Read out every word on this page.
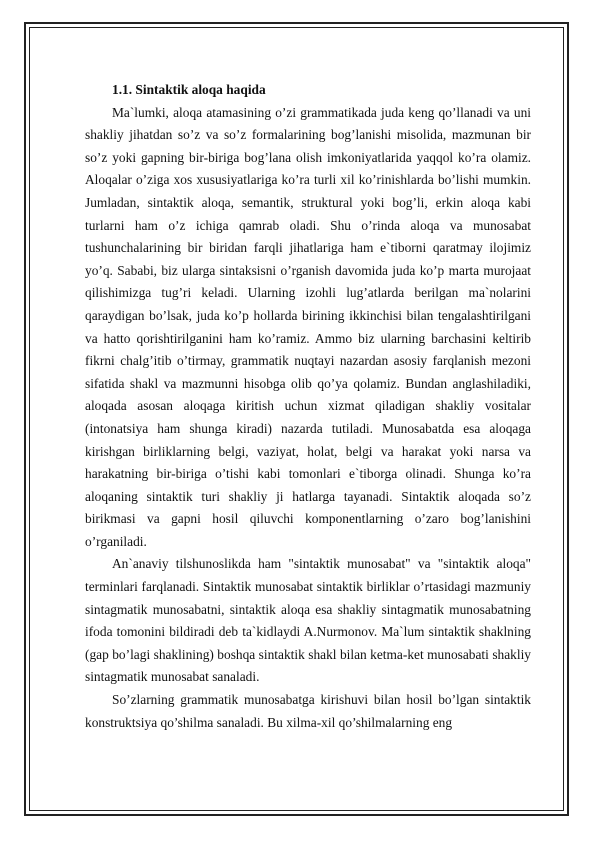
1.1. Sintaktik aloqa haqida

Ma`lumki, aloqa atamasining o’zi grammatikada juda keng qo’llanadi va uni shakliy jihatdan so’z va so’z formalarining bog’lanishi misolida, mazmunan bir so’z yoki gapning bir-biriga bog’lana olish imkoniyatlarida yaqqol ko’ra olamiz. Aloqalar o’ziga xos xususiyatlariga ko’ra turli xil ko’rinishlarda bo’lishi mumkin. Jumladan, sintaktik aloqa, semantik, struktural yoki bog’li, erkin aloqa kabi turlarni ham o’z ichiga qamrab oladi. Shu o’rinda aloqa va munosabat tushunchalarining bir biridan farqli jihatlariga ham e`tiborni qaratmay ilojimiz yo’q. Sababi, biz ularga sintaksisni o’rganish davomida juda ko’p marta murojaat qilishimizga tug’ri keladi. Ularning izohli lug’atlarda berilgan ma`nolarini qaraydigan bo’lsak, juda ko’p hollarda birining ikkinchisi bilan tengalashtirilgani va hatto qorishtirilganini ham ko’ramiz. Ammo biz ularning barchasini keltirib fikrni chalg’itib o’tirmay, grammatik nuqtayi nazardan asosiy farqlanish mezoni sifatida shakl va mazmunni hisobga olib qo’ya qolamiz. Bundan anglashiladiki, aloqada asosan aloqaga kiritish uchun xizmat qiladigan shakliy vositalar (intonatsiya ham shunga kiradi) nazarda tutiladi. Munosabatda esa aloqaga kirishgan birliklarning belgi, vaziyat, holat, belgi va harakat yoki narsa va harakatning bir-biriga o’tishi kabi tomonlari e`tiborga olinadi. Shunga ko’ra aloqaning sintaktik turi shakliy ji hatlarga tayanadi. Sintaktik aloqada so’z birikmasi va gapni hosil qiluvchi komponentlarning o’zaro bog’lanishini o’rganiladi.

An`anaviy tilshunoslikda ham "sintaktik munosabat" va "sintaktik aloqa" terminlari farqlanadi. Sintaktik munosabat sintaktik birliklar o’rtasidagi mazmuniy sintagmatik munosabatni, sintaktik aloqa esa shakliy sintagmatik munosabatning ifoda tomonini bildiradi deb ta`kidlaydi A.Nurmonov. Ma`lum sintaktik shaklning (gap bo’lagi shaklining) boshqa sintaktik shakl bilan ketma-ket munosabati shakliy sintagmatik munosabat sanaladi.

So’zlarning grammatik munosabatga kirishuvi bilan hosil bo’lgan sintaktik konstruktsiya qo’shilma sanaladi. Bu xilma-xil qo’shilmalarning eng
